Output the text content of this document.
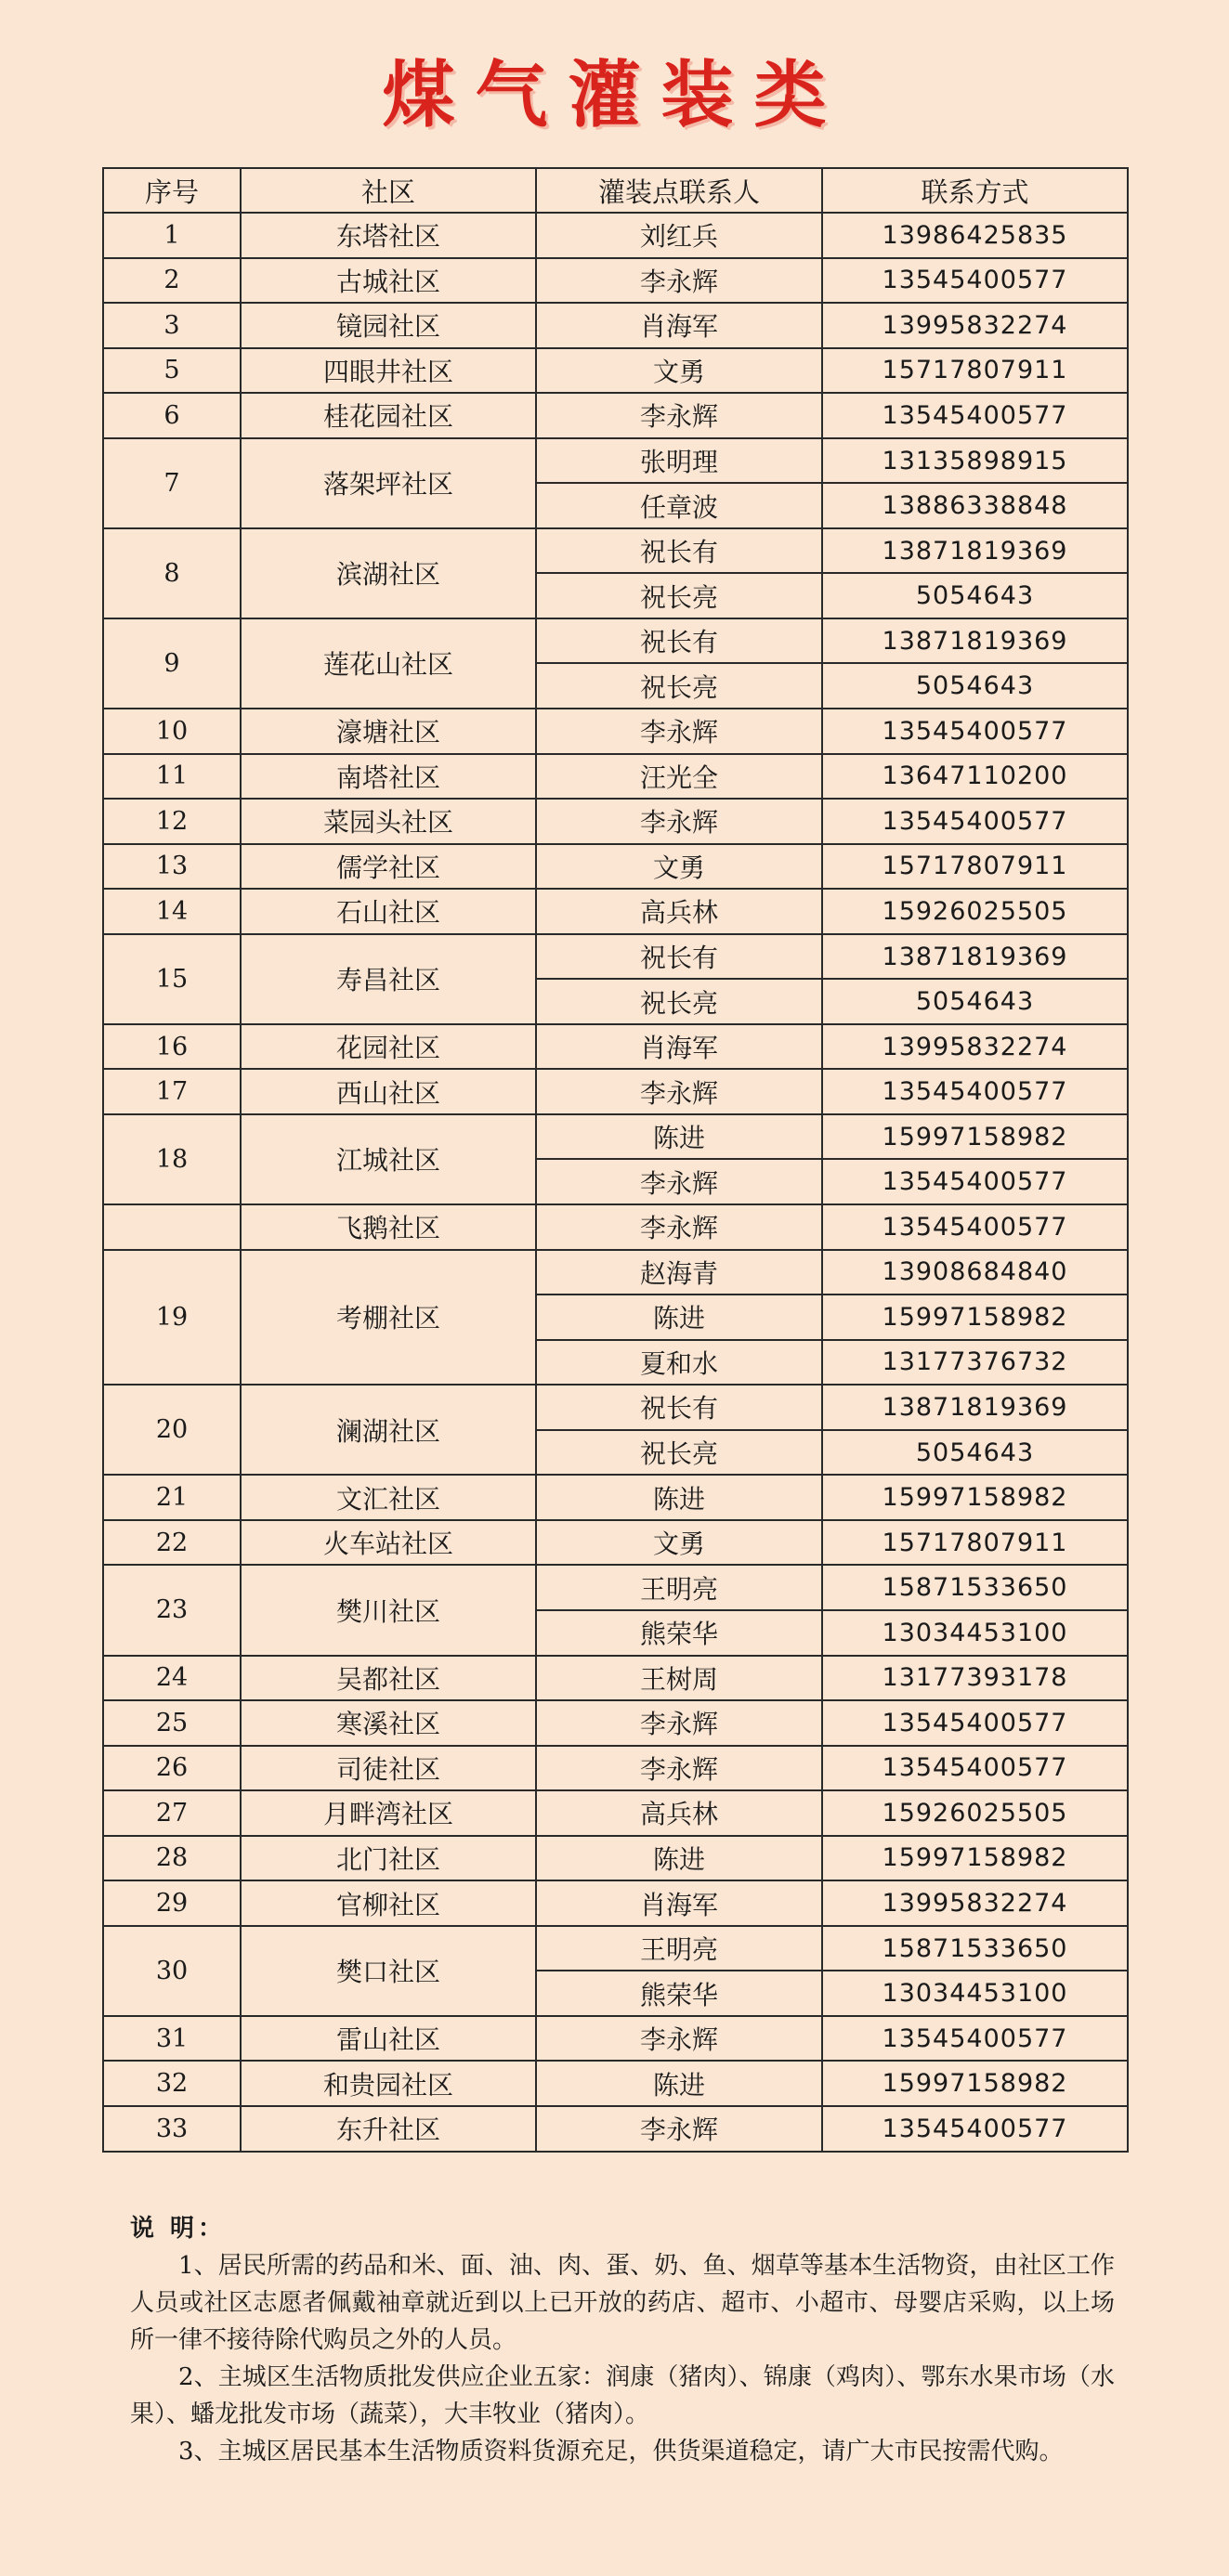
煤气灌装类
序号	社区	灌装点联系人	联系方式
1	东塔社区	刘红兵	13986425835
2	古城社区	李永辉	13545400577
3	镜园社区	肖海军	13995832274
5	四眼井社区	文勇	15717807911
6	桂花园社区	李永辉	13545400577
7	落架坪社区	张明理	13135898915
		任章波	13886338848
8	滨湖社区	祝长有	13871819369
		祝长亮	5054643
9	莲花山社区	祝长有	13871819369
		祝长亮	5054643
10	濠塘社区	李永辉	13545400577
11	南塔社区	汪光全	13647110200
12	菜园头社区	李永辉	13545400577
13	儒学社区	文勇	15717807911
14	石山社区	高兵林	15926025505
15	寿昌社区	祝长有	13871819369
		祝长亮	5054643
16	花园社区	肖海军	13995832274
17	西山社区	李永辉	13545400577
18	江城社区	陈进	15997158982
		李永辉	13545400577
	飞鹅社区	李永辉	13545400577
19	考棚社区	赵海青	13908684840
		陈进	15997158982
		夏和水	13177376732
20	澜湖社区	祝长有	13871819369
		祝长亮	5054643
21	文汇社区	陈进	15997158982
22	火车站社区	文勇	15717807911
23	樊川社区	王明亮	15871533650
		熊荣华	13034453100
24	吴都社区	王树周	13177393178
25	寒溪社区	李永辉	13545400577
26	司徒社区	李永辉	13545400577
27	月畔湾社区	高兵林	15926025505
28	北门社区	陈进	15997158982
29	官柳社区	肖海军	13995832274
30	樊口社区	王明亮	15871533650
		熊荣华	13034453100
31	雷山社区	李永辉	13545400577
32	和贵园社区	陈进	15997158982
33	东升社区	李永辉	13545400577
说 明：

1、居民所需的药品和米、面、油、肉、蛋、奶、鱼、烟草等基本生活物资，由社区工作人员或社区志愿者佩戴袖章就近到以上已开放的药店、超市、小超市、母婴店采购，以上场所一律不接待除代购员之外的人员。

2、主城区生活物质批发供应企业五家：润康（猪肉）、锦康（鸡肉）、鄂东水果市场（水果）、蟠龙批发市场（蔬菜），大丰牧业（猪肉）。

3、主城区居民基本生活物质资料货源充足，供货渠道稳定，请广大市民按需代购。
